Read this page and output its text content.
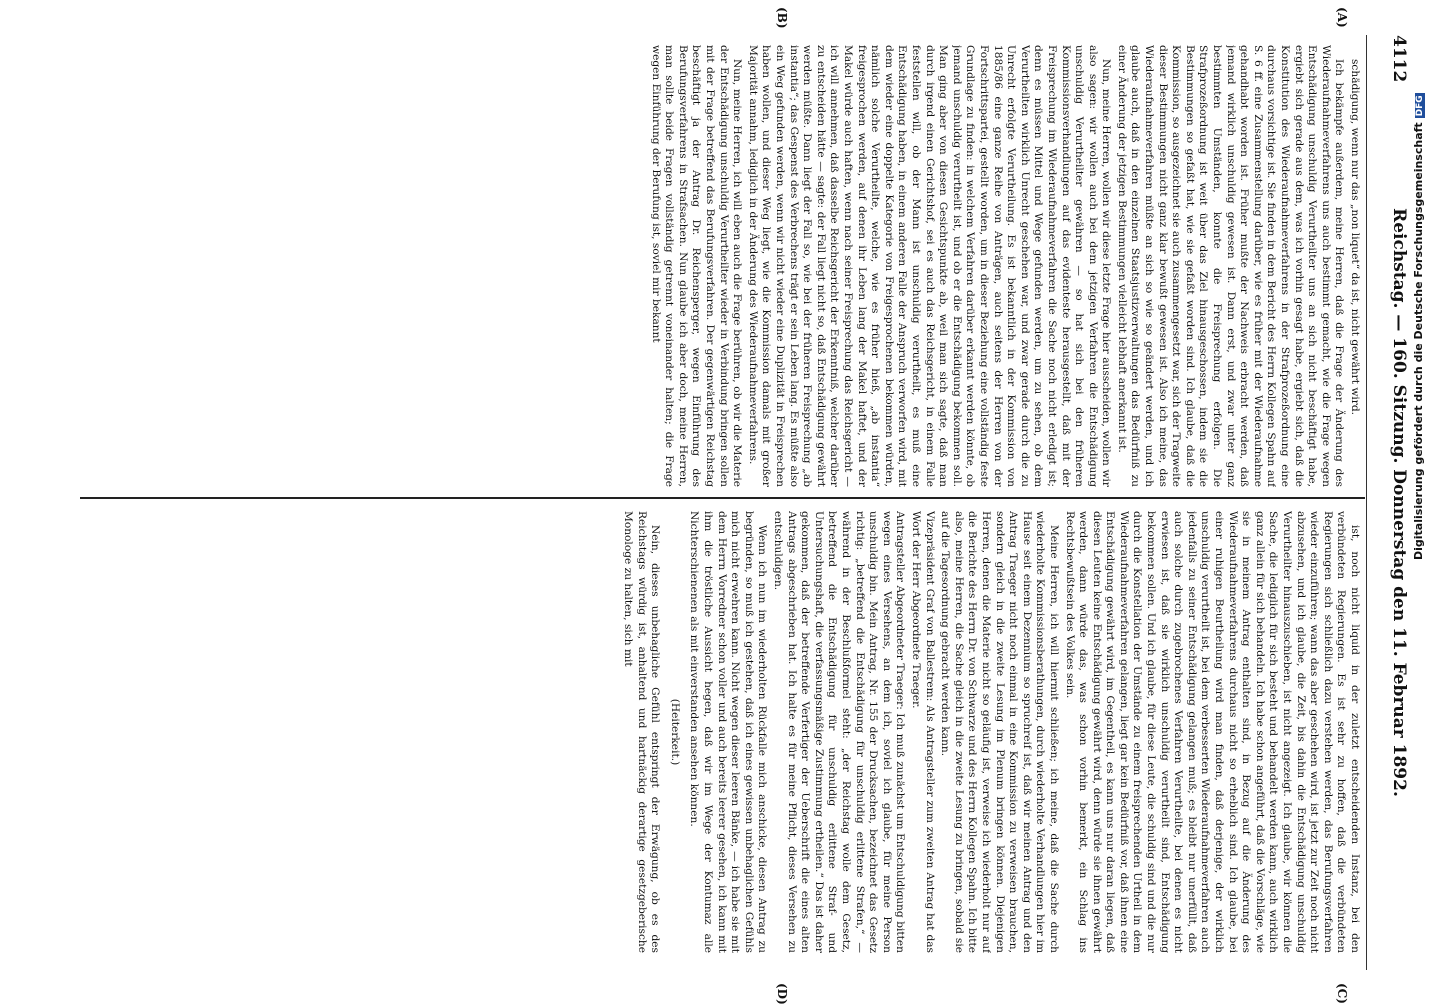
4112
Reichstag. — 160. Sitzung. Donnerstag den 11. Februar 1892.
(A)
(B)
(C)
(D)

schädigung, wenn nur das „non liquet“ da ist, nicht gewährt wird.

Ich bekämpfe außerdem, meine Herren, daß die Frage der Änderung des Wiederaufnahmeverfahrens uns auch bestimmt gemacht, wie die Frage wegen Entschädigung unschuldig Verurtheilter uns an sich nicht beschäftigt habe, ergiebt sich gerade aus dem, was ich vorhin gesagt habe, ergiebt sich, daß die Konstitution des Wiederaufnahmeverfahrens in der Strafprozeßordnung eine durchaus vorsichtige ist. Sie finden in dem Bericht des Herrn Kollegen Spahn auf S. 6 ff. eine Zusammenstellung darüber, wie es früher mit der Wiederaufnahme gehandhabt worden ist. Früher mußte der Nachweis erbracht werden, daß jemand wirklich unschuldig gewesen ist. Dann erst, und zwar unter ganz bestimmten Umständen, konnte die Freisprechung erfolgen. Die Strafprozeßordnung ist weit über das Ziel hinausgeschossen, indem sie die Bestimmungen so gefaßt hat, wie sie gefaßt worden sind. Ich glaube, daß die Kommission, so ausgezeichnet sie auch zusammengesetzt war, sich der Tragweite dieser Bestimmungen nicht ganz klar bewußt gewesen ist. Also ich meine, das Wiederaufnahmeverfahren müßte an sich so wie so geändert werden, und ich glaube auch, daß in den einzelnen Staatsjustizverwaltungen das Bedürfniß zu einer Änderung der jetzigen Bestimmungen vielleicht lebhaft anerkannt ist.

Nun, meine Herren, wollen wir diese letzte Frage hier ausscheiden, wollen wir also sagen: wir wollen auch bei dem jetzigen Verfahren die Entschädigung unschuldig Verurtheilter gewähren — so hat sich bei den früheren Kommissionsverhandlungen auf das evidenteste herausgestellt, daß mit der Freisprechung im Wiederaufnahmeverfahren die Sache noch nicht erledigt ist; denn es müssen Mittel und Wege gefunden werden, um zu sehen, ob dem Verurtheilten wirklich Unrecht geschehen war, und zwar gerade durch die zu Unrecht erfolgte Verurtheilung. Es ist bekanntlich in der Kommission von 1885/86 eine ganze Reihe von Anträgen, auch seitens der Herren von der Fortschrittspartei, gestellt worden, um in dieser Beziehung eine vollständig feste Grundlage zu finden: in welchem Verfahren darüber erkannt werden könnte, ob jemand unschuldig verurtheilt ist, und ob er die Entschädigung bekommen soll. Man ging aber von diesen Gesichtspunkte ab, weil man sich sagte, daß man durch irgend einen Gerichtshof, sei es auch das Reichsgericht, in einem Falle feststellen will, ob der Mann ist unschuldig verurtheilt, es muß eine Entschädigung haben, in einem anderen Falle der Anspruch verworfen wird, mit dem wieder eine doppelte Kategorie von Freigesprochenen bekommen würden, nämlich solche Verurtheilte, welche, wie es früher hieß, „ab instantia“ freigesprochen werden, auf denen ihr Leben lang der Makel haftet, und der Makel würde auch haften, wenn nach seiner Freisprechung das Reichsgericht — ich will annehmen, daß dasselbe Reichsgericht der Erkenntniß, welcher darüber zu entscheiden hätte — sagte: der Fall liegt nicht so, daß Entschädigung gewährt werden müßte. Dann liegt der Fall so, wie bei der früheren Freisprechung „ab instantia“; das Gespenst des Verbrechens trägt er sein Leben lang. Es müßte also ein Weg gefunden werden, wenn wir nicht wieder eine Duplizität in Freisprechen haben wollen, und dieser Weg liegt, wie die Kommission damals mit großer Majorität annahm, lediglich in der Änderung des Wiederaufnahmeverfahrens.

Nun, meine Herren, ich will eben auch die Frage berühren, ob wir die Materie der Entschädigung unschuldig Verurtheilter wieder in Verbindung bringen sollen mit der Frage betreffend das Berufungsverfahren. Der gegenwärtigen Reichstag beschäftigt ja der Antrag Dr. Reichensperger, wegen Einführung des Berufungsverfahrens in Strafsachen. Nun glaube ich aber doch, meine Herren, man sollte beide Fragen vollständig getrennt voneinander halten; die Frage wegen Einführung der Berufung ist, soviel mir bekannt

ist, noch nicht liquid in der zuletzt entscheidenden Instanz, bei den verbündeten Regierungen. Es ist sehr zu hoffen, daß die verbündeten Regierungen sich schließlich dazu verstehen werden, das Berufungsverfahren wieder einzuführen; wann das aber geschehen wird, ist jetzt zur Zeit noch nicht abzusehen, und ich glaube, die Zeit, bis dahin die Entschädigung unschuldig Verurtheilter hinauszuschieben, ist nicht angezeigt. Ich glaube, wir können die Sache, die lediglich für sich besteht und behandelt werden kann, auch wirklich ganz allein für sich behandeln. Ich habe schon angeführt, daß die Vorschläge, wie sie in meinem Antrag enthalten sind, in Bezug auf die Änderung des Wiederaufnahmeverfahrens durchaus nicht so erheblich sind. Ich glaube, bei einer ruhigen Beurtheilung wird man finden, daß derjenige, der wirklich unschuldig verurtheilt ist, bei dem verbesserten Wiederaufnahmeverfahren auch jedenfalls zu seiner Entschädigung gelangen muß; es bleibt nur unerfüllt, daß auch solche durch zugebrochenes Verfahren Verurtheilte, bei denen es nicht erwiesen ist, daß sie wirklich unschuldig verurtheilt sind, Entschädigung bekommen sollen. Und ich glaube, für diese Leute, die schuldig sind und die nur durch die Konstellation der Umstände zu einem freisprechenden Urtheil in dem Wiederaufnahmeverfahren gelangen, liegt gar kein Bedürfniß vor, daß ihnen eine Entschädigung gewährt wird, im Gegentheil, es kann uns nur daran liegen, daß diesen Leuten keine Entschädigung gewährt wird, denn würde sie ihnen gewährt werden, dann würde das, was schon vorhin bemerkt, ein Schlag ins Rechtsbewußtsein des Volkes sein.

Meine Herren, ich will hiermit schließen; ich meine, daß die Sache durch wiederholte Kommissionsberathungen, durch wiederholte Verhandlungen hier im Hause seit einem Dezennium so spruchreif ist, daß wir meinen Antrag und den Antrag Traeger nicht noch einmal in eine Kommission zu verweisen brauchen, sondern gleich in die zweite Lesung im Plenum bringen können. Diejenigen Herren, denen die Materie nicht so geläufig ist, verweise ich wiederholt nur auf die Berichte des Herrn Dr. von Schwarze und des Herrn Kollegen Spahn. Ich bitte also, meine Herren, die Sache gleich in die zweite Lesung zu bringen, sobald sie auf die Tagesordnung gebracht werden kann.

Vizepräsident Graf von Ballestrem: Als Antragsteller zum zweiten Antrag hat das Wort der Herr Abgeordnete Traeger.

Antragsteller Abgeordneter Traeger: Ich muß zunächst um Entschuldigung bitten wegen eines Versehens, an dem ich, soviel ich glaube, für meine Person unschuldig bin. Mein Antrag, Nr. 155 der Drucksachen, bezeichnet das Gesetz richtig: „betreffend die Entschädigung für unschuldig erlittene Strafen,“ — während in der Beschlußformel steht: „der Reichstag wolle dem Gesetz, betreffend die Entschädigung für unschuldig erlittene Straf- und Untersuchungshaft, die verfassungsmäßige Zustimmung ertheilen.“ Das ist daher gekommen, daß der betreffende Verfertiger der Ueberschrift die eines alten Antrags abgeschrieben hat. Ich halte es für meine Pflicht, dieses Versehen zu entschuldigen.

Wenn ich nun im wiederholten Rückfalle mich anschicke, diesen Antrag zu begründen, so muß ich gestehen, daß ich eines gewissen unbehaglichen Gefühls mich nicht erwehren kann. Nicht wegen dieser leeren Bänke, — ich habe sie mit dem Herrn Vorredner schon voller und auch bereits leerer gesehen, ich kann mit ihm die tröstliche Aussicht hegen, daß wir im Wege der Kontumaz alle Nichterschienenen als mit einverstanden ansehen können.

(Heiterkeit.)

Nein, dieses unbehagliche Gefühl entspringt der Erwägung, ob es des Reichstags würdig ist, anhaltend und hartnäckig derartige gesetzgeberische Monologe zu halten, sich mit

Digitalisierung gefördert durch die Deutsche ForschungsgemeinschaftDFG
